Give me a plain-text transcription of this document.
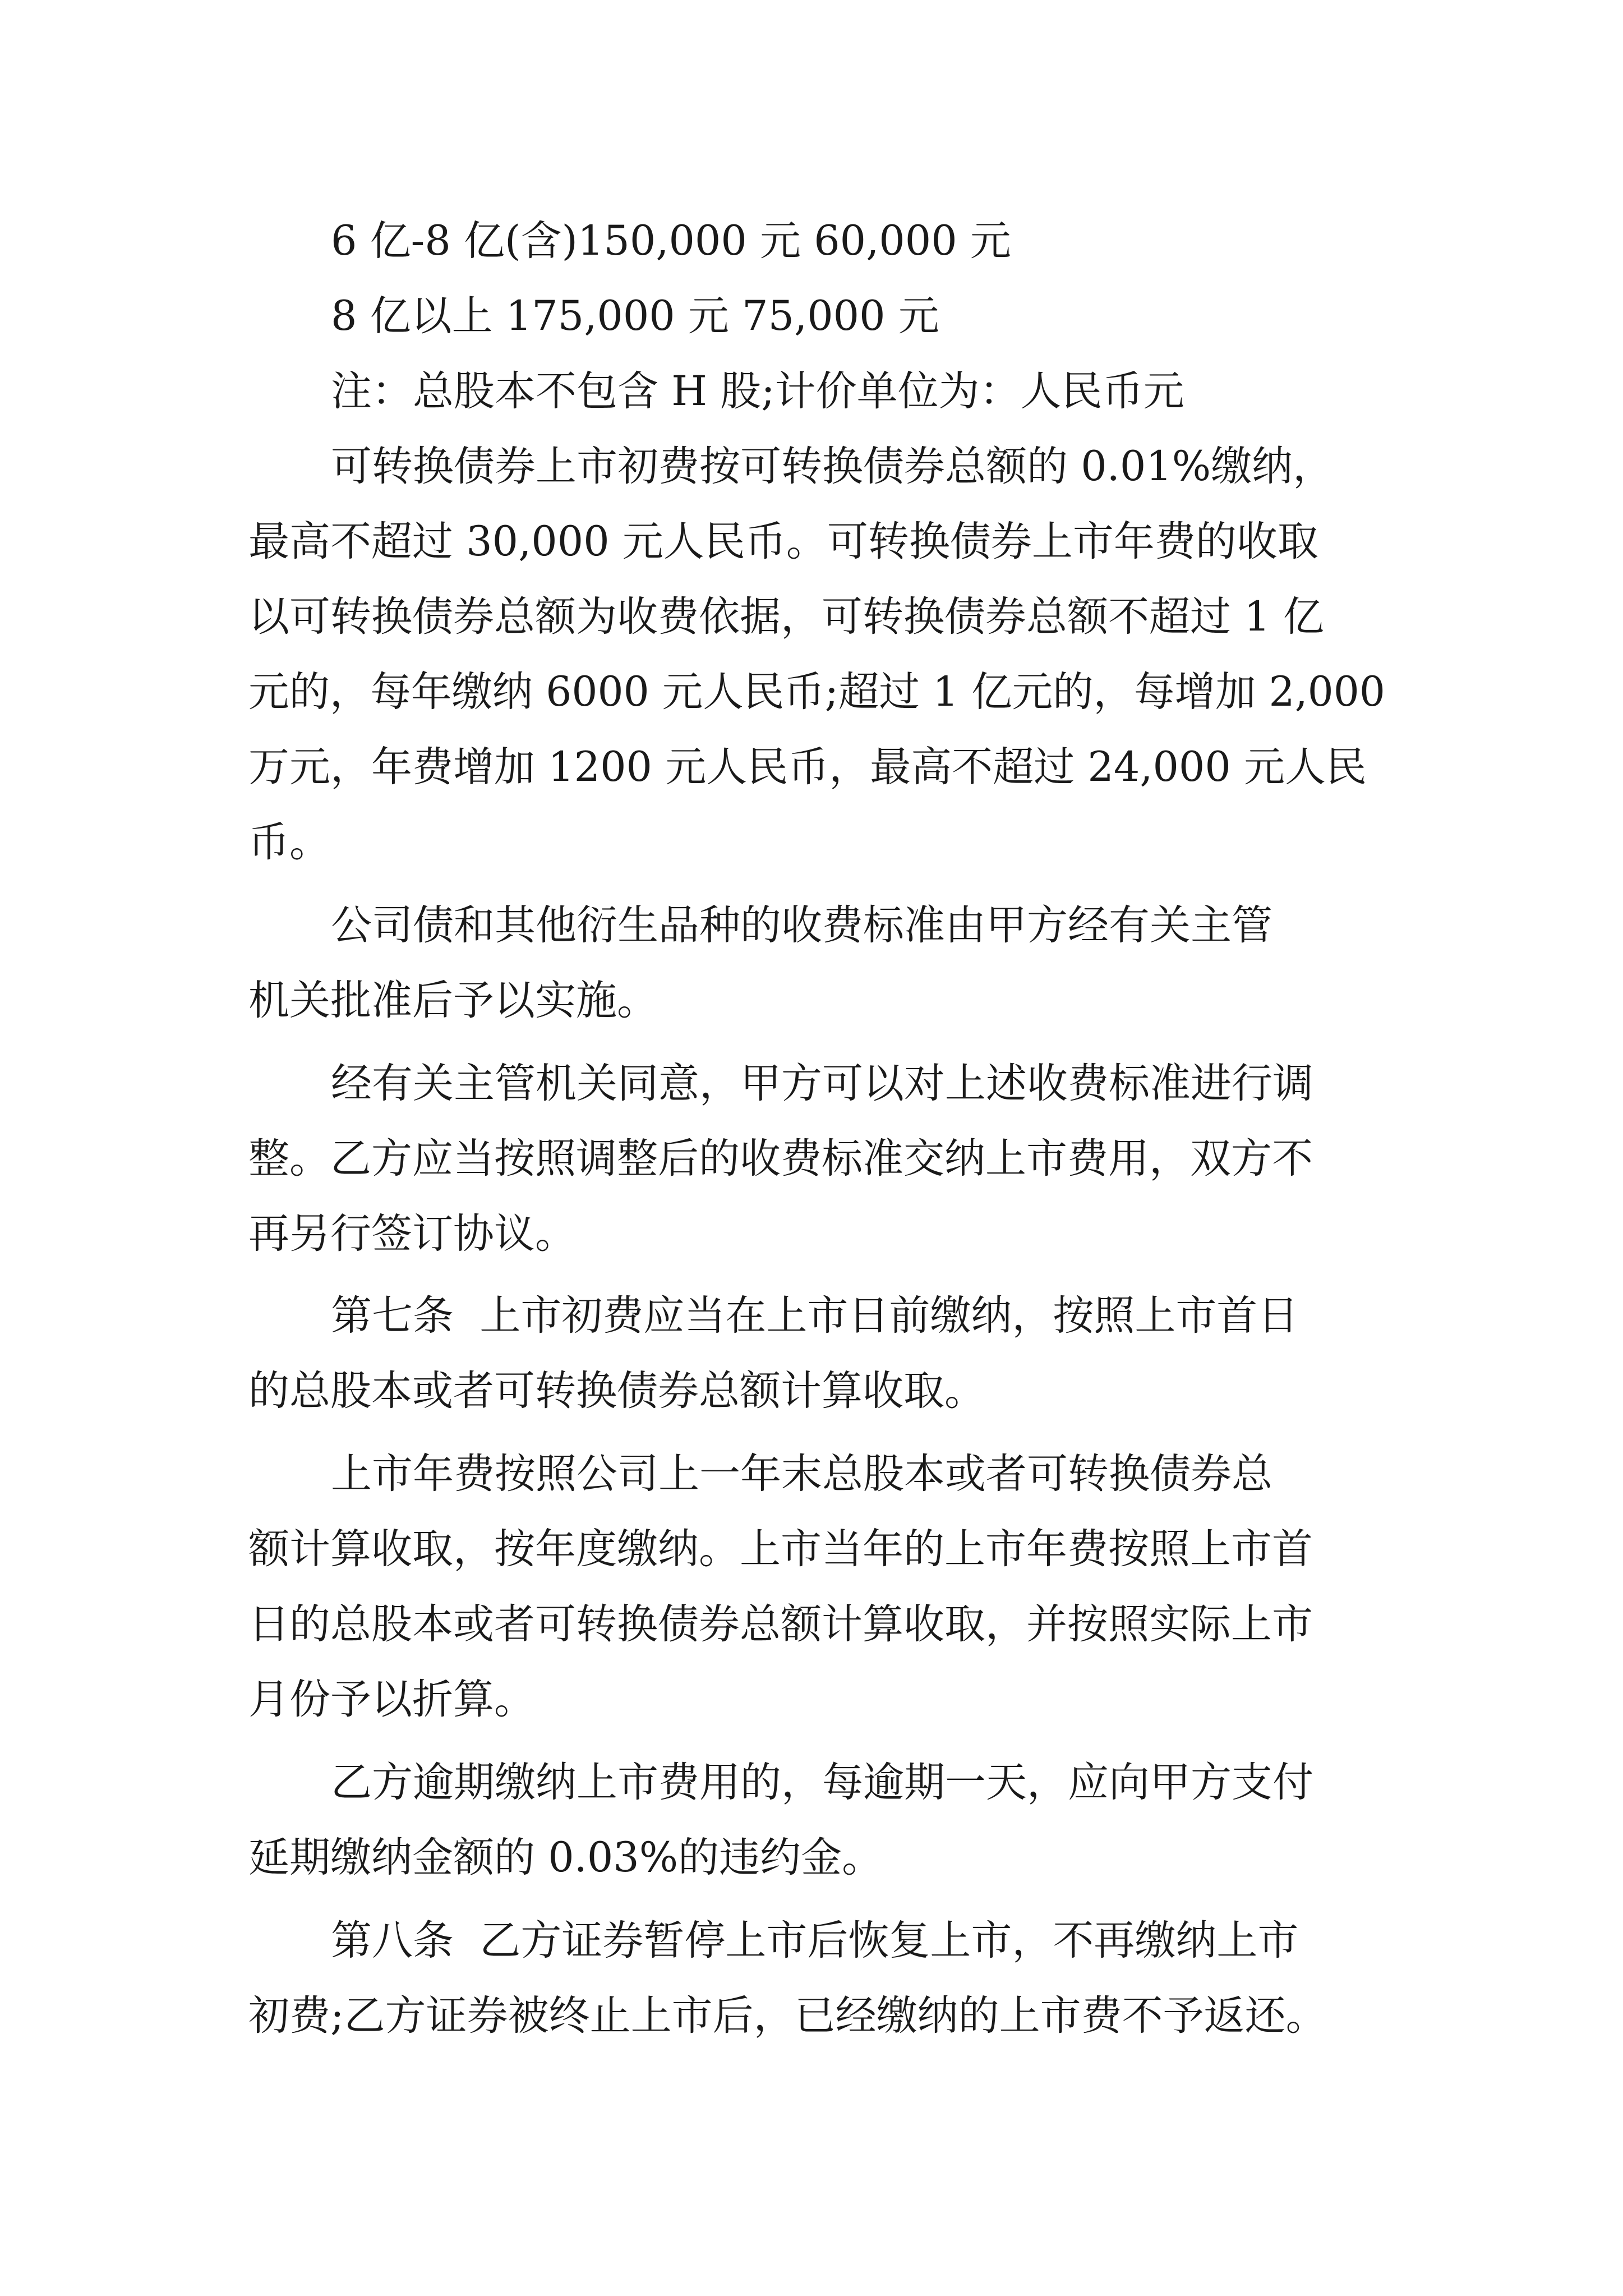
6 亿-8 亿(含)150,000 元 60,000 元

8 亿以上 175,000 元 75,000 元

注：总股本不包含 H 股;计价单位为：人民币元

可转换债券上市初费按可转换债券总额的 0.01%缴纳，

最高不超过 30,000 元人民币。可转换债券上市年费的收取

以可转换债券总额为收费依据，可转换债券总额不超过 1 亿

元的，每年缴纳 6000 元人民币;超过 1 亿元的，每增加 2,000

万元，年费增加 1200 元人民币，最高不超过 24,000 元人民

币。

公司债和其他衍生品种的收费标准由甲方经有关主管

机关批准后予以实施。

经有关主管机关同意，甲方可以对上述收费标准进行调

整。乙方应当按照调整后的收费标准交纳上市费用，双方不

再另行签订协议。

第七条  上市初费应当在上市日前缴纳，按照上市首日

的总股本或者可转换债券总额计算收取。

上市年费按照公司上一年末总股本或者可转换债券总

额计算收取，按年度缴纳。上市当年的上市年费按照上市首

日的总股本或者可转换债券总额计算收取，并按照实际上市

月份予以折算。

乙方逾期缴纳上市费用的，每逾期一天，应向甲方支付

延期缴纳金额的 0.03%的违约金。

第八条  乙方证券暂停上市后恢复上市，不再缴纳上市

初费;乙方证券被终止上市后，已经缴纳的上市费不予返还。
